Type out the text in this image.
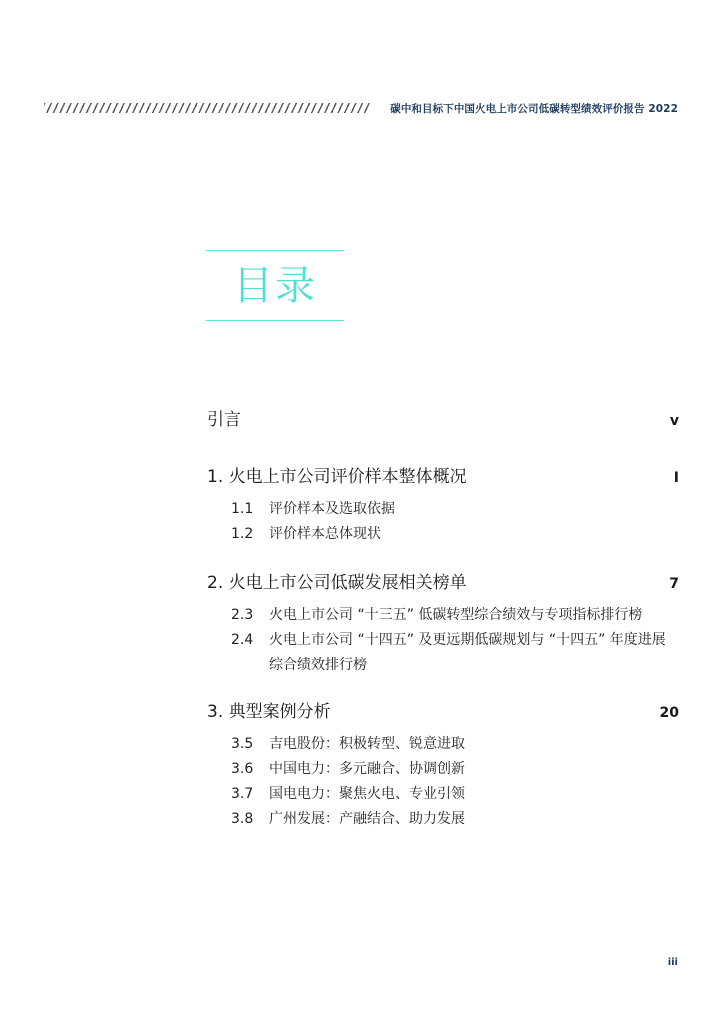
碳中和目标下中国火电上市公司低碳转型绩效评价报告 2022
目录
引言	v
1. 火电上市公司评价样本整体概况	I
1.1	评价样本及选取依据
1.2	评价样本总体现状
2. 火电上市公司低碳发展相关榜单	7
2.3	火电上市公司 “十三五” 低碳转型综合绩效与专项指标排行榜
2.4	火电上市公司 “十四五” 及更远期低碳规划与 “十四五” 年度进展综合绩效排行榜
3. 典型案例分析	20
3.5	吉电股份：积极转型、锐意进取
3.6	中国电力：多元融合、协调创新
3.7	国电电力：聚焦火电、专业引领
3.8	广州发展：产融结合、助力发展
iii
